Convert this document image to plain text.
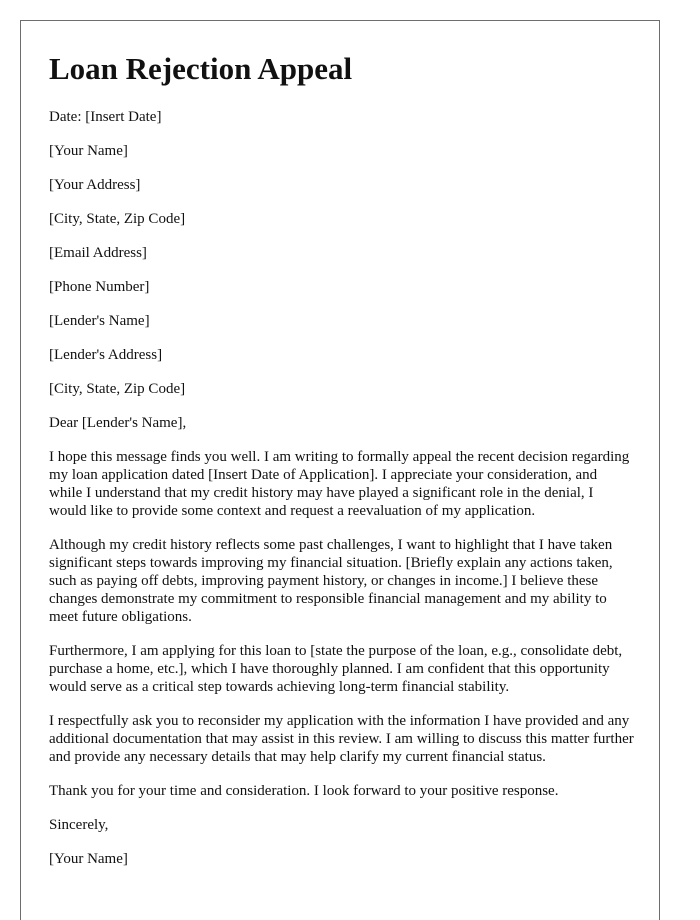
Loan Rejection Appeal

Date: [Insert Date]

[Your Name]

[Your Address]

[City, State, Zip Code]

[Email Address]

[Phone Number]

[Lender's Name]

[Lender's Address]

[City, State, Zip Code]

Dear [Lender's Name],

I hope this message finds you well. I am writing to formally appeal the recent decision regarding my loan application dated [Insert Date of Application]. I appreciate your consideration, and while I understand that my credit history may have played a significant role in the denial, I would like to provide some context and request a reevaluation of my application.

Although my credit history reflects some past challenges, I want to highlight that I have taken significant steps towards improving my financial situation. [Briefly explain any actions taken, such as paying off debts, improving payment history, or changes in income.] I believe these changes demonstrate my commitment to responsible financial management and my ability to meet future obligations.

Furthermore, I am applying for this loan to [state the purpose of the loan, e.g., consolidate debt, purchase a home, etc.], which I have thoroughly planned. I am confident that this opportunity would serve as a critical step towards achieving long-term financial stability.

I respectfully ask you to reconsider my application with the information I have provided and any additional documentation that may assist in this review. I am willing to discuss this matter further and provide any necessary details that may help clarify my current financial status.

Thank you for your time and consideration. I look forward to your positive response.

Sincerely,

[Your Name]
